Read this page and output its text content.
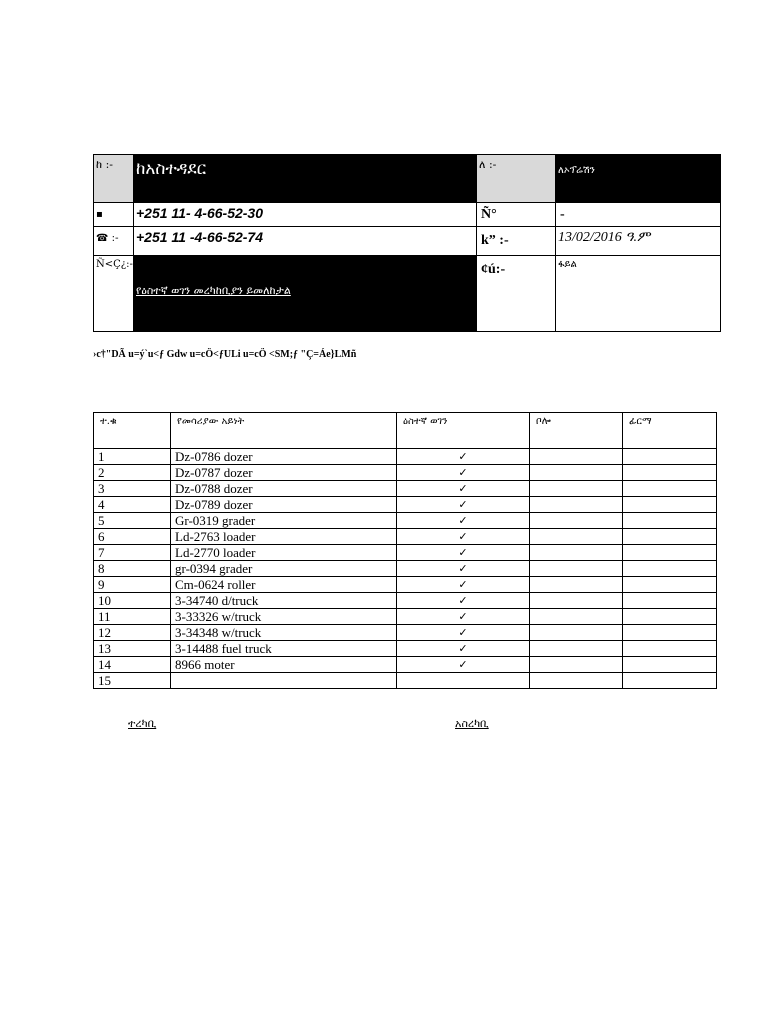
ከ :-	ከአስተዳደር	ለ :-	ለኦፕሬሽን
▪	+251 11- 4-66-52-30	Ñ°	-
☎ :-	+251 11 -4-66-52-74	k” :-	13/02/2016 ዓ.ም
Ñ<Ç¿:-	የዕስተኛ ወገን መረካከቢያን ይመለከታል	¢ú:-	ፋይል
›c†"DÃ u=ý`u<ƒ Gdw u=cÖ<ƒULi u=cÖ <SM;ƒ "Ç=Áe}LMñ
ተ.ቁ	የመሳሪያው አይነት	ዕስተኛ ወገን	ቦሎ	ፊርማ
1	Dz-0786 dozer	✓		
2	Dz-0787 dozer	✓		
3	Dz-0788 dozer	✓		
4	Dz-0789 dozer	✓		
5	Gr-0319 grader	✓		
6	Ld-2763 loader	✓		
7	Ld-2770 loader	✓		
8	gr-0394 grader	✓		
9	Cm-0624 roller	✓		
10	3-34740 d/truck	✓		
11	3-33326 w/truck	✓		
12	3-34348 w/truck	✓		
13	3-14488 fuel truck	✓		
14	8966 moter	✓		
15				
ተረካቢ	አስረካቢ
